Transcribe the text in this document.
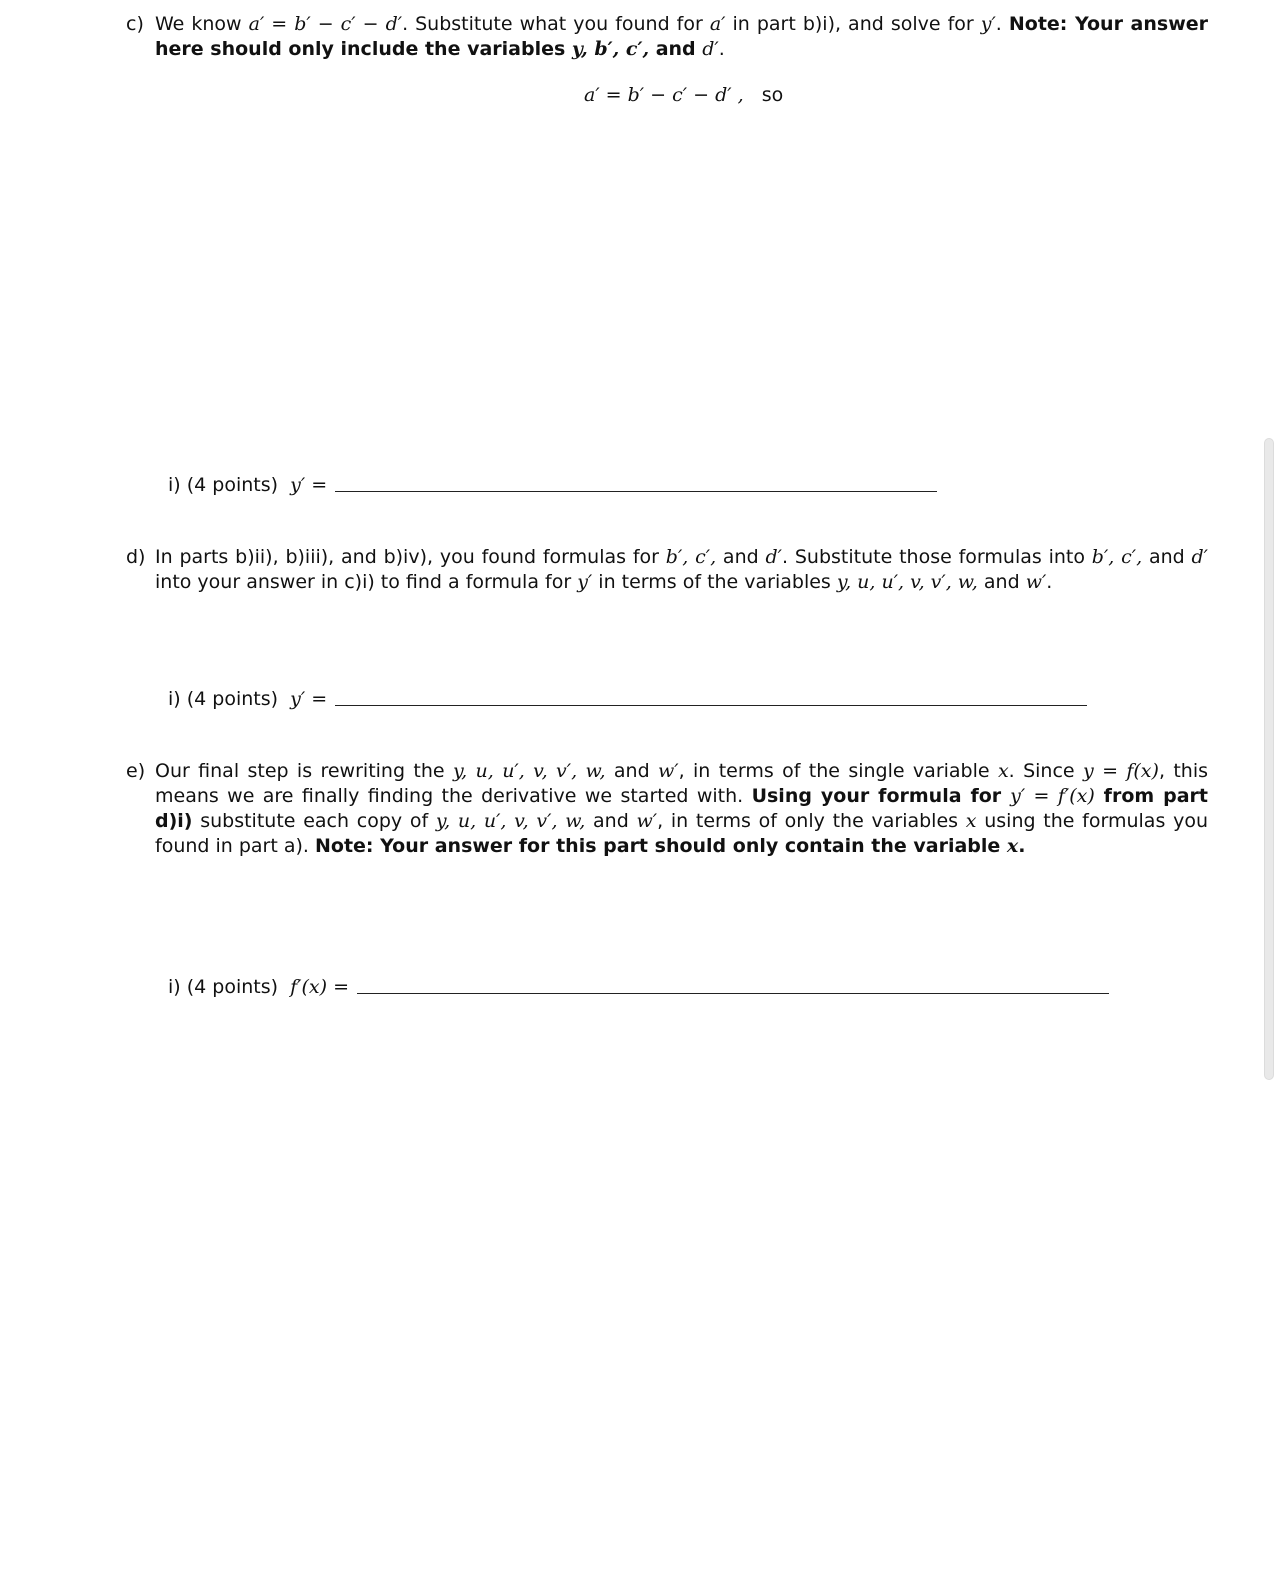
c) We know a′ = b′ − c′ − d′. Substitute what you found for a′ in part b)i), and solve for y′. Note: Your answer here should only include the variables y, b′, c′, and d′.
a′ = b′ − c′ − d′ , so
i) (4 points)
y′ =
d) In parts b)ii), b)iii), and b)iv), you found formulas for b′, c′, and d′. Substitute those formulas into b′, c′, and d′ into your answer in c)i) to find a formula for y′ in terms of the variables y, u, u′, v, v′, w, and w′.
i) (4 points)
y′ =
e) Our final step is rewriting the y, u, u′, v, v′, w, and w′, in terms of the single variable x. Since y = f(x), this means we are finally finding the derivative we started with. Using your formula for y′ = f′(x) from part d)i) substitute each copy of y, u, u′, v, v′, w, and w′, in terms of only the variables x using the formulas you found in part a). Note: Your answer for this part should only contain the variable x.
i) (4 points)
f′(x) =
